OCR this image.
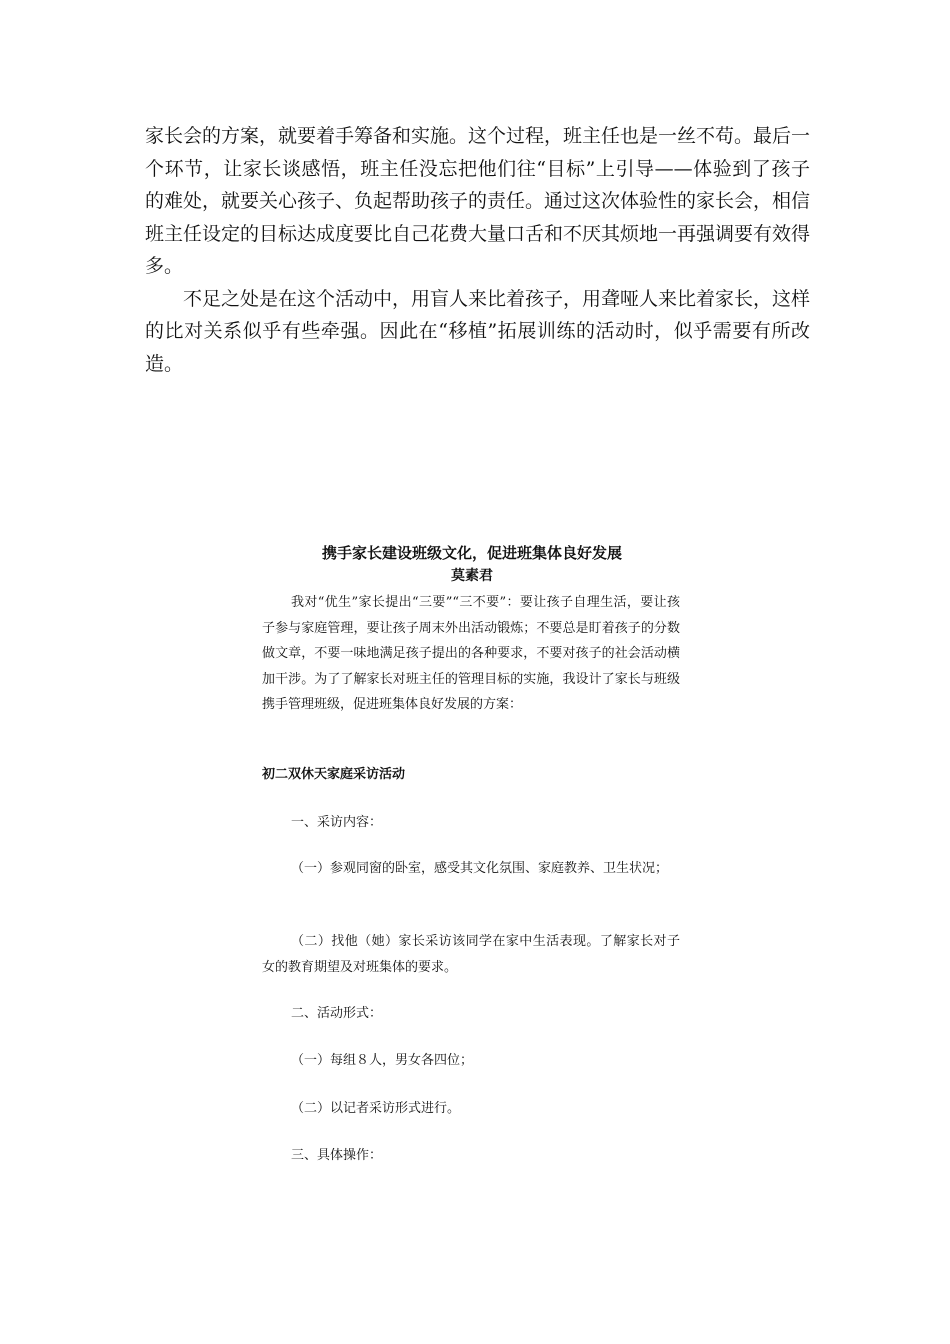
家长会的方案，就要着手筹备和实施。这个过程，班主任也是一丝不苟。最后一个环节，让家长谈感悟，班主任没忘把他们往“目标”上引导——体验到了孩子的难处，就要关心孩子、负起帮助孩子的责任。通过这次体验性的家长会，相信班主任设定的目标达成度要比自己花费大量口舌和不厌其烦地一再强调要有效得多。

不足之处是在这个活动中，用盲人来比着孩子，用聋哑人来比着家长，这样的比对关系似乎有些牵强。因此在“移植”拓展训练的活动时，似乎需要有所改造。

携手家长建设班级文化，促进班集体良好发展
莫素君

我对“优生”家长提出“三要”“三不要”：要让孩子自理生活，要让孩子参与家庭管理，要让孩子周末外出活动锻炼；不要总是盯着孩子的分数做文章，不要一味地满足孩子提出的各种要求，不要对孩子的社会活动横加干涉。为了了解家长对班主任的管理目标的实施，我设计了家长与班级携手管理班级，促进班集体良好发展的方案：

初二双休天家庭采访活动

一、采访内容：

（一）参观同窗的卧室，感受其文化氛围、家庭教养、卫生状况；

（二）找他（她）家长采访该同学在家中生活表现。了解家长对子女的教育期望及对班集体的要求。

二、活动形式：

（一）每组８人，男女各四位；

（二）以记者采访形式进行。

三、具体操作：
